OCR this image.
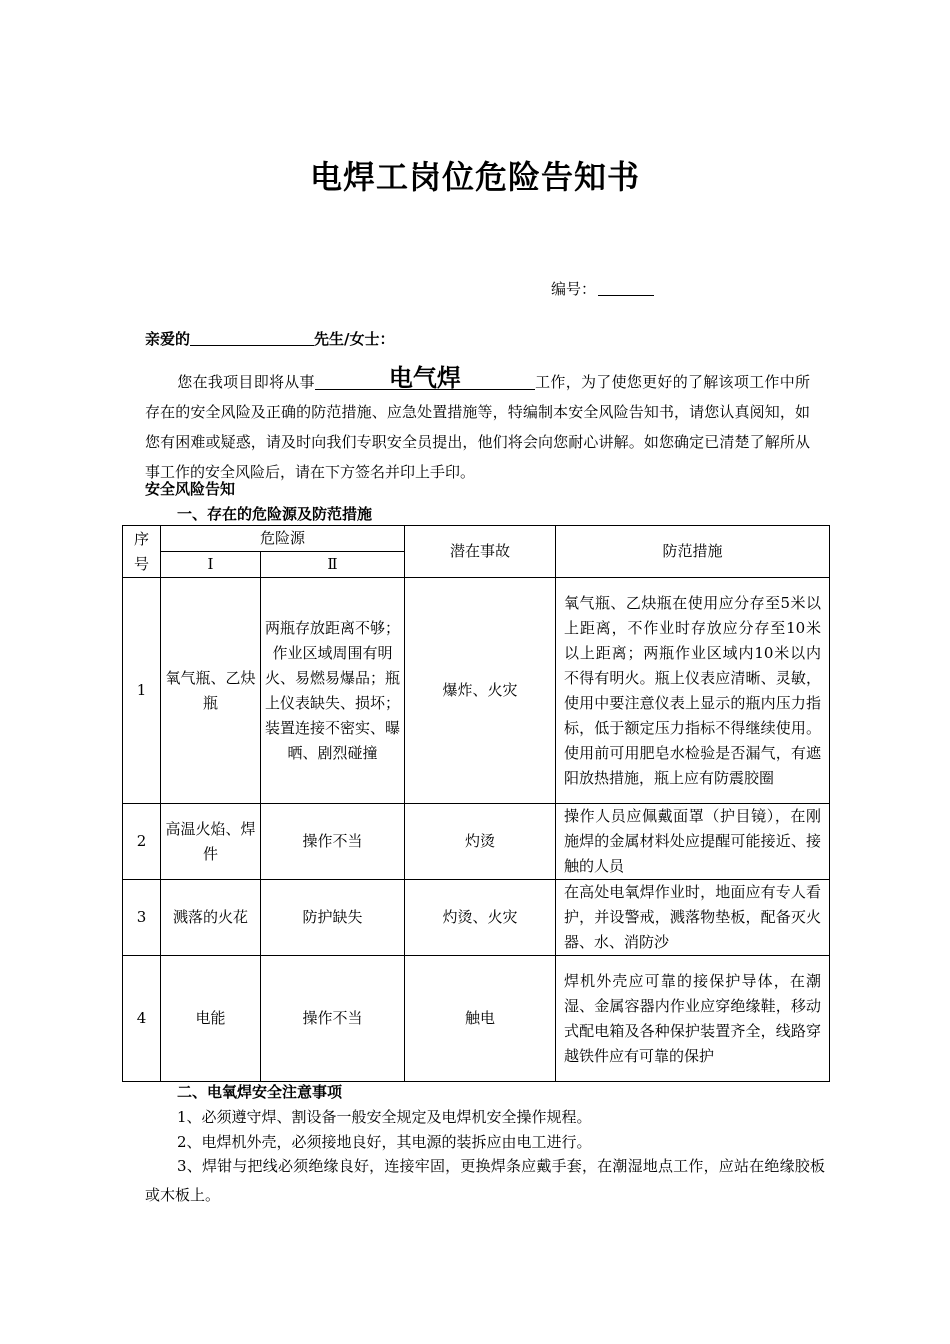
电焊工岗位危险告知书
编号：
亲爱的	先生/女士：
您在我项目即将从事	电气焊	工作，为了使您更好的了解该项工作中所存在的安全风险及正确的防范措施、应急处置措施等，特编制本安全风险告知书，请您认真阅知，如您有困难或疑惑，请及时向我们专职安全员提出，他们将会向您耐心讲解。如您确定已清楚了解所从事工作的安全风险后，请在下方签名并印上手印。
安全风险告知
一、存在的危险源及防范措施
序号	危险源		潜在事故	防范措施
	Ⅰ	Ⅱ		
1	氧气瓶、乙炔瓶	两瓶存放距离不够；作业区域周围有明火、易燃易爆品；瓶上仪表缺失、损坏；装置连接不密实、曝晒、剧烈碰撞	爆炸、火灾	氧气瓶、乙炔瓶在使用应分存至5米以上距离，不作业时存放应分存至10米以上距离；两瓶作业区域内10米以内不得有明火。瓶上仪表应清晰、灵敏，使用中要注意仪表上显示的瓶内压力指标，低于额定压力指标不得继续使用。使用前可用肥皂水检验是否漏气，有遮阳放热措施，瓶上应有防震胶圈
2	高温火焰、焊件	操作不当	灼烫	操作人员应佩戴面罩（护目镜），在刚施焊的金属材料处应提醒可能接近、接触的人员
3	溅落的火花	防护缺失	灼烫、火灾	在高处电氧焊作业时，地面应有专人看护，并设警戒，溅落物垫板，配备灭火器、水、消防沙
4	电能	操作不当	触电	焊机外壳应可靠的接保护导体，在潮湿、金属容器内作业应穿绝缘鞋，移动式配电箱及各种保护装置齐全，线路穿越铁件应有可靠的保护
二、电氧焊安全注意事项
1、必须遵守焊、割设备一般安全规定及电焊机安全操作规程。
2、电焊机外壳，必须接地良好，其电源的装拆应由电工进行。
3、焊钳与把线必须绝缘良好，连接牢固，更换焊条应戴手套，在潮湿地点工作，应站在绝缘胶板或木板上。
